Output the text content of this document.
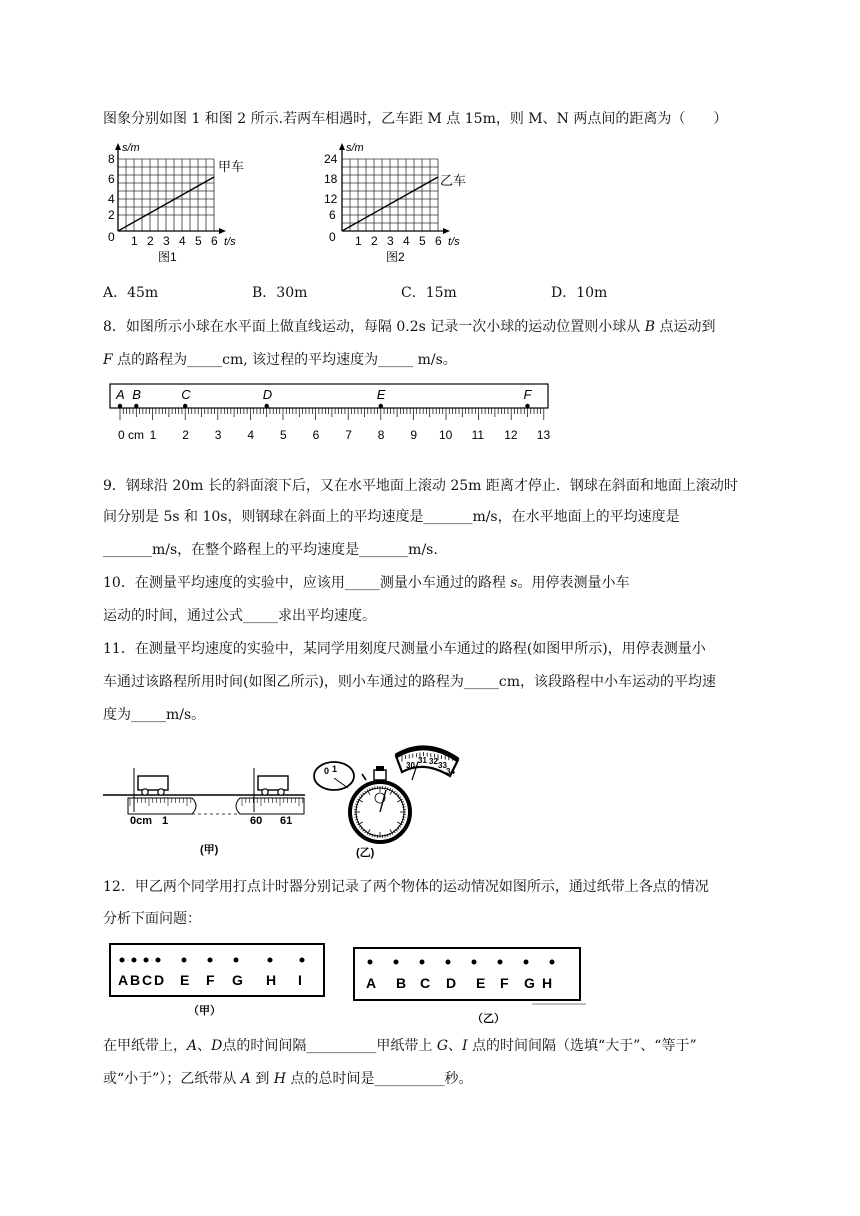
图象分别如图 1 和图 2 所示.若两车相遇时，乙车距 M 点 15m，则 M、N 两点间的距离为（　　）
s/m
甲车
8
6
4
2
0 1 2 3 4 5 6 t/s
图1
s/m
乙车
24
18
12
6
0 1 2 3 4 5 6 t/s
图2
A．45m	B．30m	C．15m	D．10m
8．如图所示小球在水平面上做直线运动，每隔 0.2s 记录一次小球的运动位置则小球从 B 点运动到
F 点的路程为_____cm, 该过程的平均速度为_____ m/s。
A B	C	D	E	F
0 cm 1 2 3 4 5 6 7 8 9 10 11 12 13
9．钢球沿 20m 长的斜面滚下后，又在水平地面上滚动 25m 距离才停止．钢球在斜面和地面上滚动时
间分别是 5s 和 10s，则钢球在斜面上的平均速度是_______m/s，在水平地面上的平均速度是
_______m/s，在整个路程上的平均速度是_______m/s.
10．在测量平均速度的实验中，应该用_____测量小车通过的路程 s。用停表测量小车
运动的时间，通过公式_____求出平均速度。
11．在测量平均速度的实验中，某同学用刻度尺测量小车通过的路程(如图甲所示)，用停表测量小
车通过该路程所用时间(如图乙所示)，则小车通过的路程为_____cm，该段路程中小车运动的平均速
度为_____m/s。
0cm 1	60 61
(甲)
0 1	30
31 32 33
34
(乙)
12．甲乙两个同学用打点计时器分别记录了两个物体的运动情况如图所示，通过纸带上各点的情况
分析下面问题：
A B C D E F G H I
（甲）
A B C D E F G H
（乙）
在甲纸带上，A、D点的时间间隔__________甲纸带上 G、I 点的时间间隔（选填“大于”、“等于”
或“小于”）；乙纸带从 A 到 H 点的总时间是__________秒。
